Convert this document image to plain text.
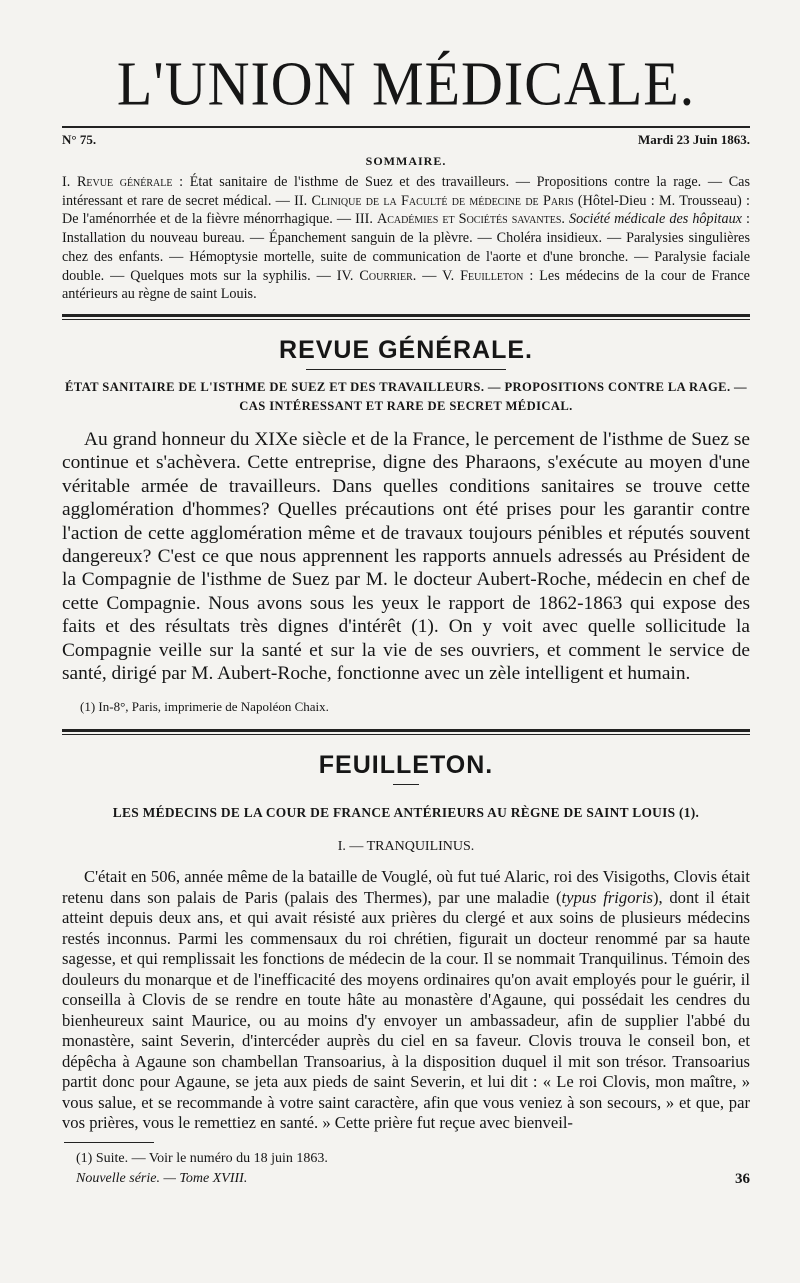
L'UNION MÉDICALE.
N° 75.	Mardi 23 Juin 1863.
SOMMAIRE.
I. Revue générale : État sanitaire de l'isthme de Suez et des travailleurs. — Propositions contre la rage. — Cas intéressant et rare de secret médical. — II. Clinique de la Faculté de médecine de Paris (Hôtel-Dieu : M. Trousseau) : De l'aménorrhée et de la fièvre ménorrhagique. — III. Académies et Sociétés savantes. Société médicale des hôpitaux : Installation du nouveau bureau. — Épanchement sanguin de la plèvre. — Choléra insidieux. — Paralysies singulières chez des enfants. — Hémoptysie mortelle, suite de communication de l'aorte et d'une bronche. — Paralysie faciale double. — Quelques mots sur la syphilis. — IV. Courrier. — V. Feuilleton : Les médecins de la cour de France antérieurs au règne de saint Louis.
REVUE GÉNÉRALE.
ÉTAT SANITAIRE DE L'ISTHME DE SUEZ ET DES TRAVAILLEURS. — PROPOSITIONS CONTRE LA RAGE. — CAS INTÉRESSANT ET RARE DE SECRET MÉDICAL.
Au grand honneur du XIXe siècle et de la France, le percement de l'isthme de Suez se continue et s'achèvera. Cette entreprise, digne des Pharaons, s'exécute au moyen d'une véritable armée de travailleurs. Dans quelles conditions sanitaires se trouve cette agglomération d'hommes? Quelles précautions ont été prises pour les garantir contre l'action de cette agglomération même et de travaux toujours pénibles et réputés souvent dangereux? C'est ce que nous apprennent les rapports annuels adressés au Président de la Compagnie de l'isthme de Suez par M. le docteur Aubert-Roche, médecin en chef de cette Compagnie. Nous avons sous les yeux le rapport de 1862-1863 qui expose des faits et des résultats très dignes d'intérêt (1). On y voit avec quelle sollicitude la Compagnie veille sur la santé et sur la vie de ses ouvriers, et comment le service de santé, dirigé par M. Aubert-Roche, fonctionne avec un zèle intelligent et humain.
(1) In-8°, Paris, imprimerie de Napoléon Chaix.
FEUILLETON.
LES MÉDECINS DE LA COUR DE FRANCE ANTÉRIEURS AU RÈGNE DE SAINT LOUIS (1).
I. — TRANQUILINUS.
C'était en 506, année même de la bataille de Vouglé, où fut tué Alaric, roi des Visigoths, Clovis était retenu dans son palais de Paris (palais des Thermes), par une maladie (typus frigoris), dont il était atteint depuis deux ans, et qui avait résisté aux prières du clergé et aux soins de plusieurs médecins restés inconnus. Parmi les commensaux du roi chrétien, figurait un docteur renommé par sa haute sagesse, et qui remplissait les fonctions de médecin de la cour. Il se nommait Tranquilinus. Témoin des douleurs du monarque et de l'inefficacité des moyens ordinaires qu'on avait employés pour le guérir, il conseilla à Clovis de se rendre en toute hâte au monastère d'Agaune, qui possédait les cendres du bienheureux saint Maurice, ou au moins d'y envoyer un ambassadeur, afin de supplier l'abbé du monastère, saint Severin, d'intercéder auprès du ciel en sa faveur. Clovis trouva le conseil bon, et dépêcha à Agaune son chambellan Transoarius, à la disposition duquel il mit son trésor. Transoarius partit donc pour Agaune, se jeta aux pieds de saint Severin, et lui dit : « Le roi Clovis, mon maître, » vous salue, et se recommande à votre saint caractère, afin que vous veniez à son secours, » et que, par vos prières, vous le remettiez en santé. » Cette prière fut reçue avec bienveil-
(1) Suite. — Voir le numéro du 18 juin 1863.
Nouvelle série. — Tome XVIII.	36
